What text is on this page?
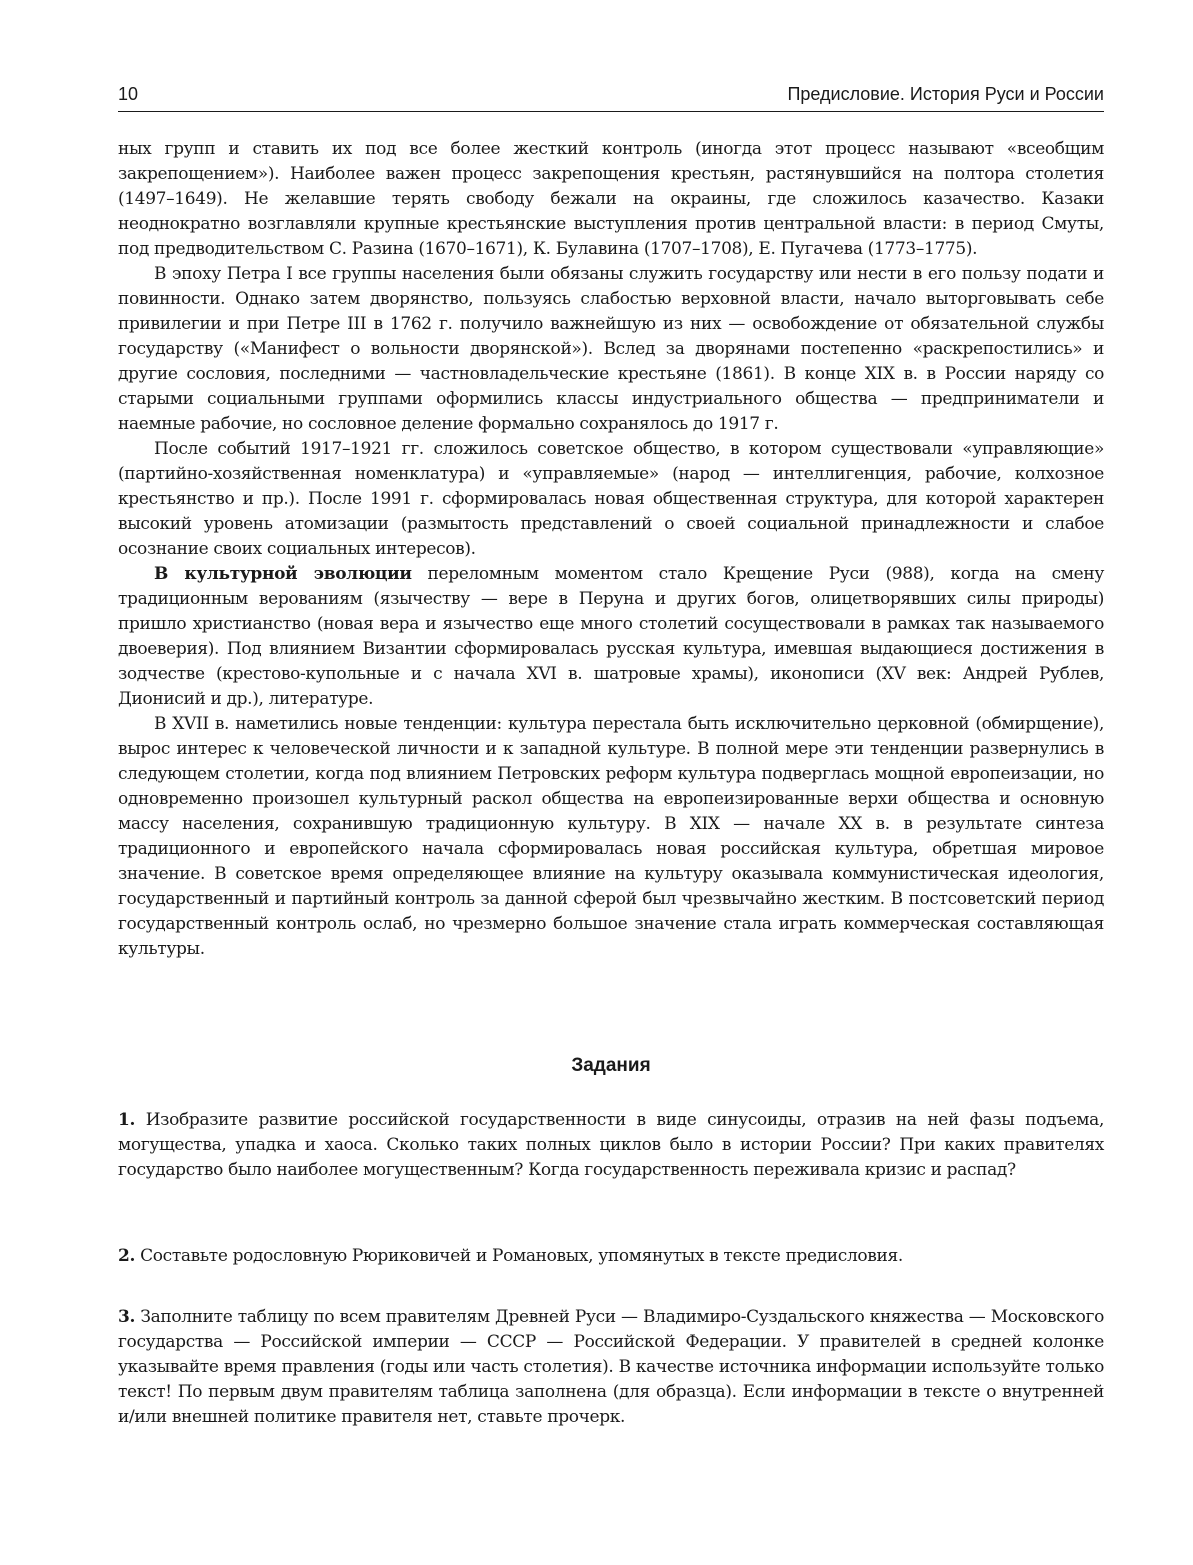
10	Предисловие. История Руси и России

ных групп и ставить их под все более жесткий контроль (иногда этот процесс называют «всеобщим закрепощением»). Наиболее важен процесс закрепощения крестьян, растянувшийся на полтора столетия (1497–1649). Не желавшие терять свободу бежали на окраины, где сложилось казачество. Казаки неоднократно возглавляли крупные крестьянские выступления против центральной власти: в период Смуты, под предводительством С. Разина (1670–1671), К. Булавина (1707–1708), Е. Пугачева (1773–1775).

В эпоху Петра I все группы населения были обязаны служить государству или нести в его пользу подати и повинности. Однако затем дворянство, пользуясь слабостью верховной власти, начало выторговывать себе привилегии и при Петре III в 1762 г. получило важнейшую из них — освобождение от обязательной службы государству («Манифест о вольности дворянской»). Вслед за дворянами постепенно «раскрепостились» и другие сословия, последними — частновладельческие крестьяне (1861). В конце XIX в. в России наряду со старыми социальными группами оформились классы индустриального общества — предприниматели и наемные рабочие, но сословное деление формально сохранялось до 1917 г.

После событий 1917–1921 гг. сложилось советское общество, в котором существовали «управляющие» (партийно-хозяйственная номенклатура) и «управляемые» (народ — интеллигенция, рабочие, колхозное крестьянство и пр.). После 1991 г. сформировалась новая общественная структура, для которой характерен высокий уровень атомизации (размытость представлений о своей социальной принадлежности и слабое осознание своих социальных интересов).

В культурной эволюции переломным моментом стало Крещение Руси (988), когда на смену традиционным верованиям (язычеству — вере в Перуна и других богов, олицетворявших силы природы) пришло христианство (новая вера и язычество еще много столетий сосуществовали в рамках так называемого двоеверия). Под влиянием Византии сформировалась русская культура, имевшая выдающиеся достижения в зодчестве (крестово-купольные и с начала XVI в. шатровые храмы), иконописи (XV век: Андрей Рублев, Дионисий и др.), литературе.

В XVII в. наметились новые тенденции: культура перестала быть исключительно церковной (обмирщение), вырос интерес к человеческой личности и к западной культуре. В полной мере эти тенденции развернулись в следующем столетии, когда под влиянием Петровских реформ культура подверглась мощной европеизации, но одновременно произошел культурный раскол общества на европеизированные верхи общества и основную массу населения, сохранившую традиционную культуру. В XIX — начале XX в. в результате синтеза традиционного и европейского начала сформировалась новая российская культура, обретшая мировое значение. В советское время определяющее влияние на культуру оказывала коммунистическая идеология, государственный и партийный контроль за данной сферой был чрезвычайно жестким. В постсоветский период государственный контроль ослаб, но чрезмерно большое значение стала играть коммерческая составляющая культуры.

Задания

1. Изобразите развитие российской государственности в виде синусоиды, отразив на ней фазы подъема, могущества, упадка и хаоса. Сколько таких полных циклов было в истории России? При каких правителях государство было наиболее могущественным? Когда государственность переживала кризис и распад?

2. Составьте родословную Рюриковичей и Романовых, упомянутых в тексте предисловия.

3. Заполните таблицу по всем правителям Древней Руси — Владимиро-Суздальского княжества — Московского государства — Российской империи — СССР — Российской Федерации. У правителей в средней колонке указывайте время правления (годы или часть столетия). В качестве источника информации используйте только текст! По первым двум правителям таблица заполнена (для образца). Если информации в тексте о внутренней и/или внешней политике правителя нет, ставьте прочерк.
